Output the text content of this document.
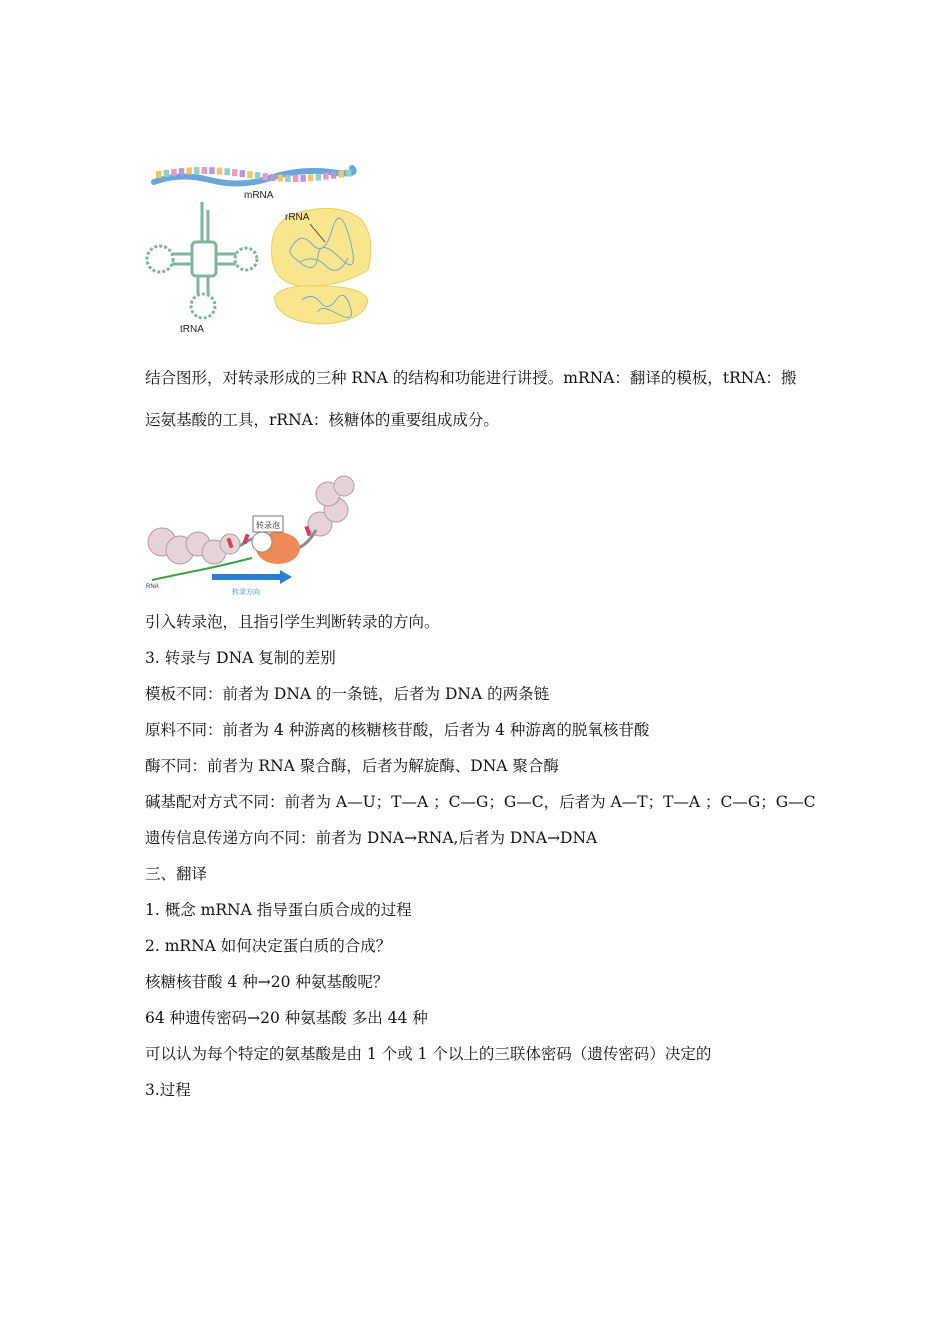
mRNA
tRNA
rRNA
结合图形，对转录形成的三种 RNA 的结构和功能进行讲授。mRNA：翻译的模板，tRNA：搬
运氨基酸的工具，rRNA：核糖体的重要组成成分。
转录泡
RNA
转录方向
引入转录泡，且指引学生判断转录的方向。
3. 转录与 DNA 复制的差别
模板不同：前者为 DNA 的一条链，后者为 DNA 的两条链
原料不同：前者为 4 种游离的核糖核苷酸，后者为 4 种游离的脱氧核苷酸
酶不同：前者为 RNA 聚合酶，后者为解旋酶、DNA 聚合酶
碱基配对方式不同：前者为 A—U；T—A ；C—G；G—C，后者为 A—T；T—A ；C—G；G—C
遗传信息传递方向不同：前者为 DNA→RNA,后者为 DNA→DNA
三、翻译
1. 概念 mRNA 指导蛋白质合成的过程
2. mRNA 如何决定蛋白质的合成？
核糖核苷酸 4 种→20 种氨基酸呢？
64 种遗传密码→20 种氨基酸 多出 44 种
可以认为每个特定的氨基酸是由 1 个或 1 个以上的三联体密码（遗传密码）决定的
3.过程
